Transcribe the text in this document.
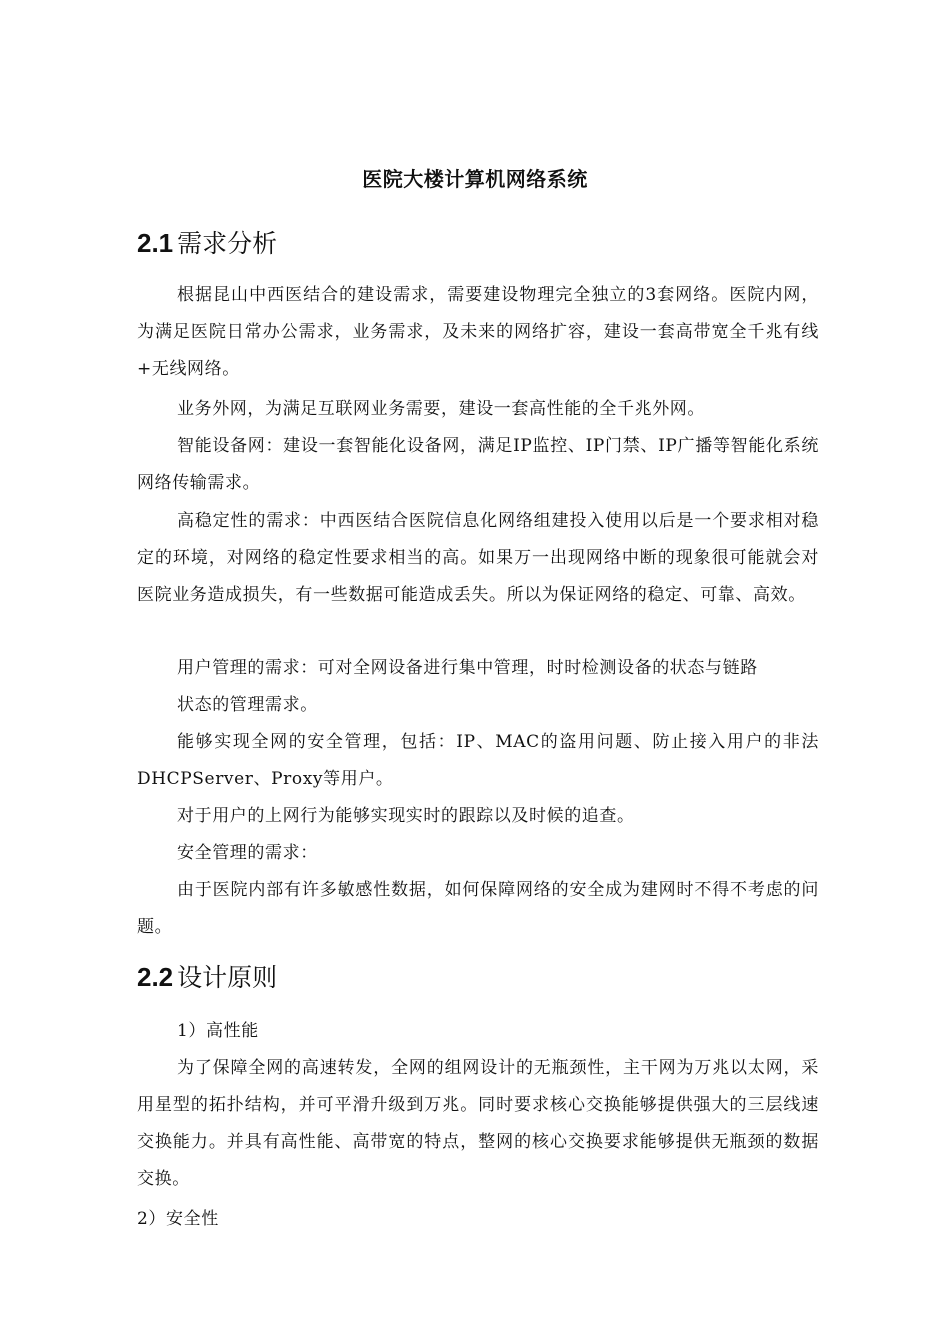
医院大楼计算机网络系统
2.1 需求分析

根据昆山中西医结合的建设需求，需要建设物理完全独立的3套网络。医院内网，为满足医院日常办公需求，业务需求，及未来的网络扩容，建设一套高带宽全千兆有线+无线网络。

业务外网，为满足互联网业务需要，建设一套高性能的全千兆外网。

智能设备网：建设一套智能化设备网，满足IP监控、IP门禁、IP广播等智能化系统网络传输需求。

高稳定性的需求：中西医结合医院信息化网络组建投入使用以后是一个要求相对稳定的环境，对网络的稳定性要求相当的高。如果万一出现网络中断的现象很可能就会对医院业务造成损失，有一些数据可能造成丢失。所以为保证网络的稳定、可靠、高效。

用户管理的需求：可对全网设备进行集中管理，时时检测设备的状态与链路

状态的管理需求。

能够实现全网的安全管理，包括：IP、MAC的盗用问题、防止接入用户的非法DHCPServer、Proxy等用户。

对于用户的上网行为能够实现实时的跟踪以及时候的追查。

安全管理的需求：

由于医院内部有许多敏感性数据，如何保障网络的安全成为建网时不得不考虑的问题。

2.2 设计原则

1）高性能

为了保障全网的高速转发，全网的组网设计的无瓶颈性，主干网为万兆以太网，采用星型的拓扑结构，并可平滑升级到万兆。同时要求核心交换能够提供强大的三层线速交换能力。并具有高性能、高带宽的特点，整网的核心交换要求能够提供无瓶颈的数据交换。

2）安全性
